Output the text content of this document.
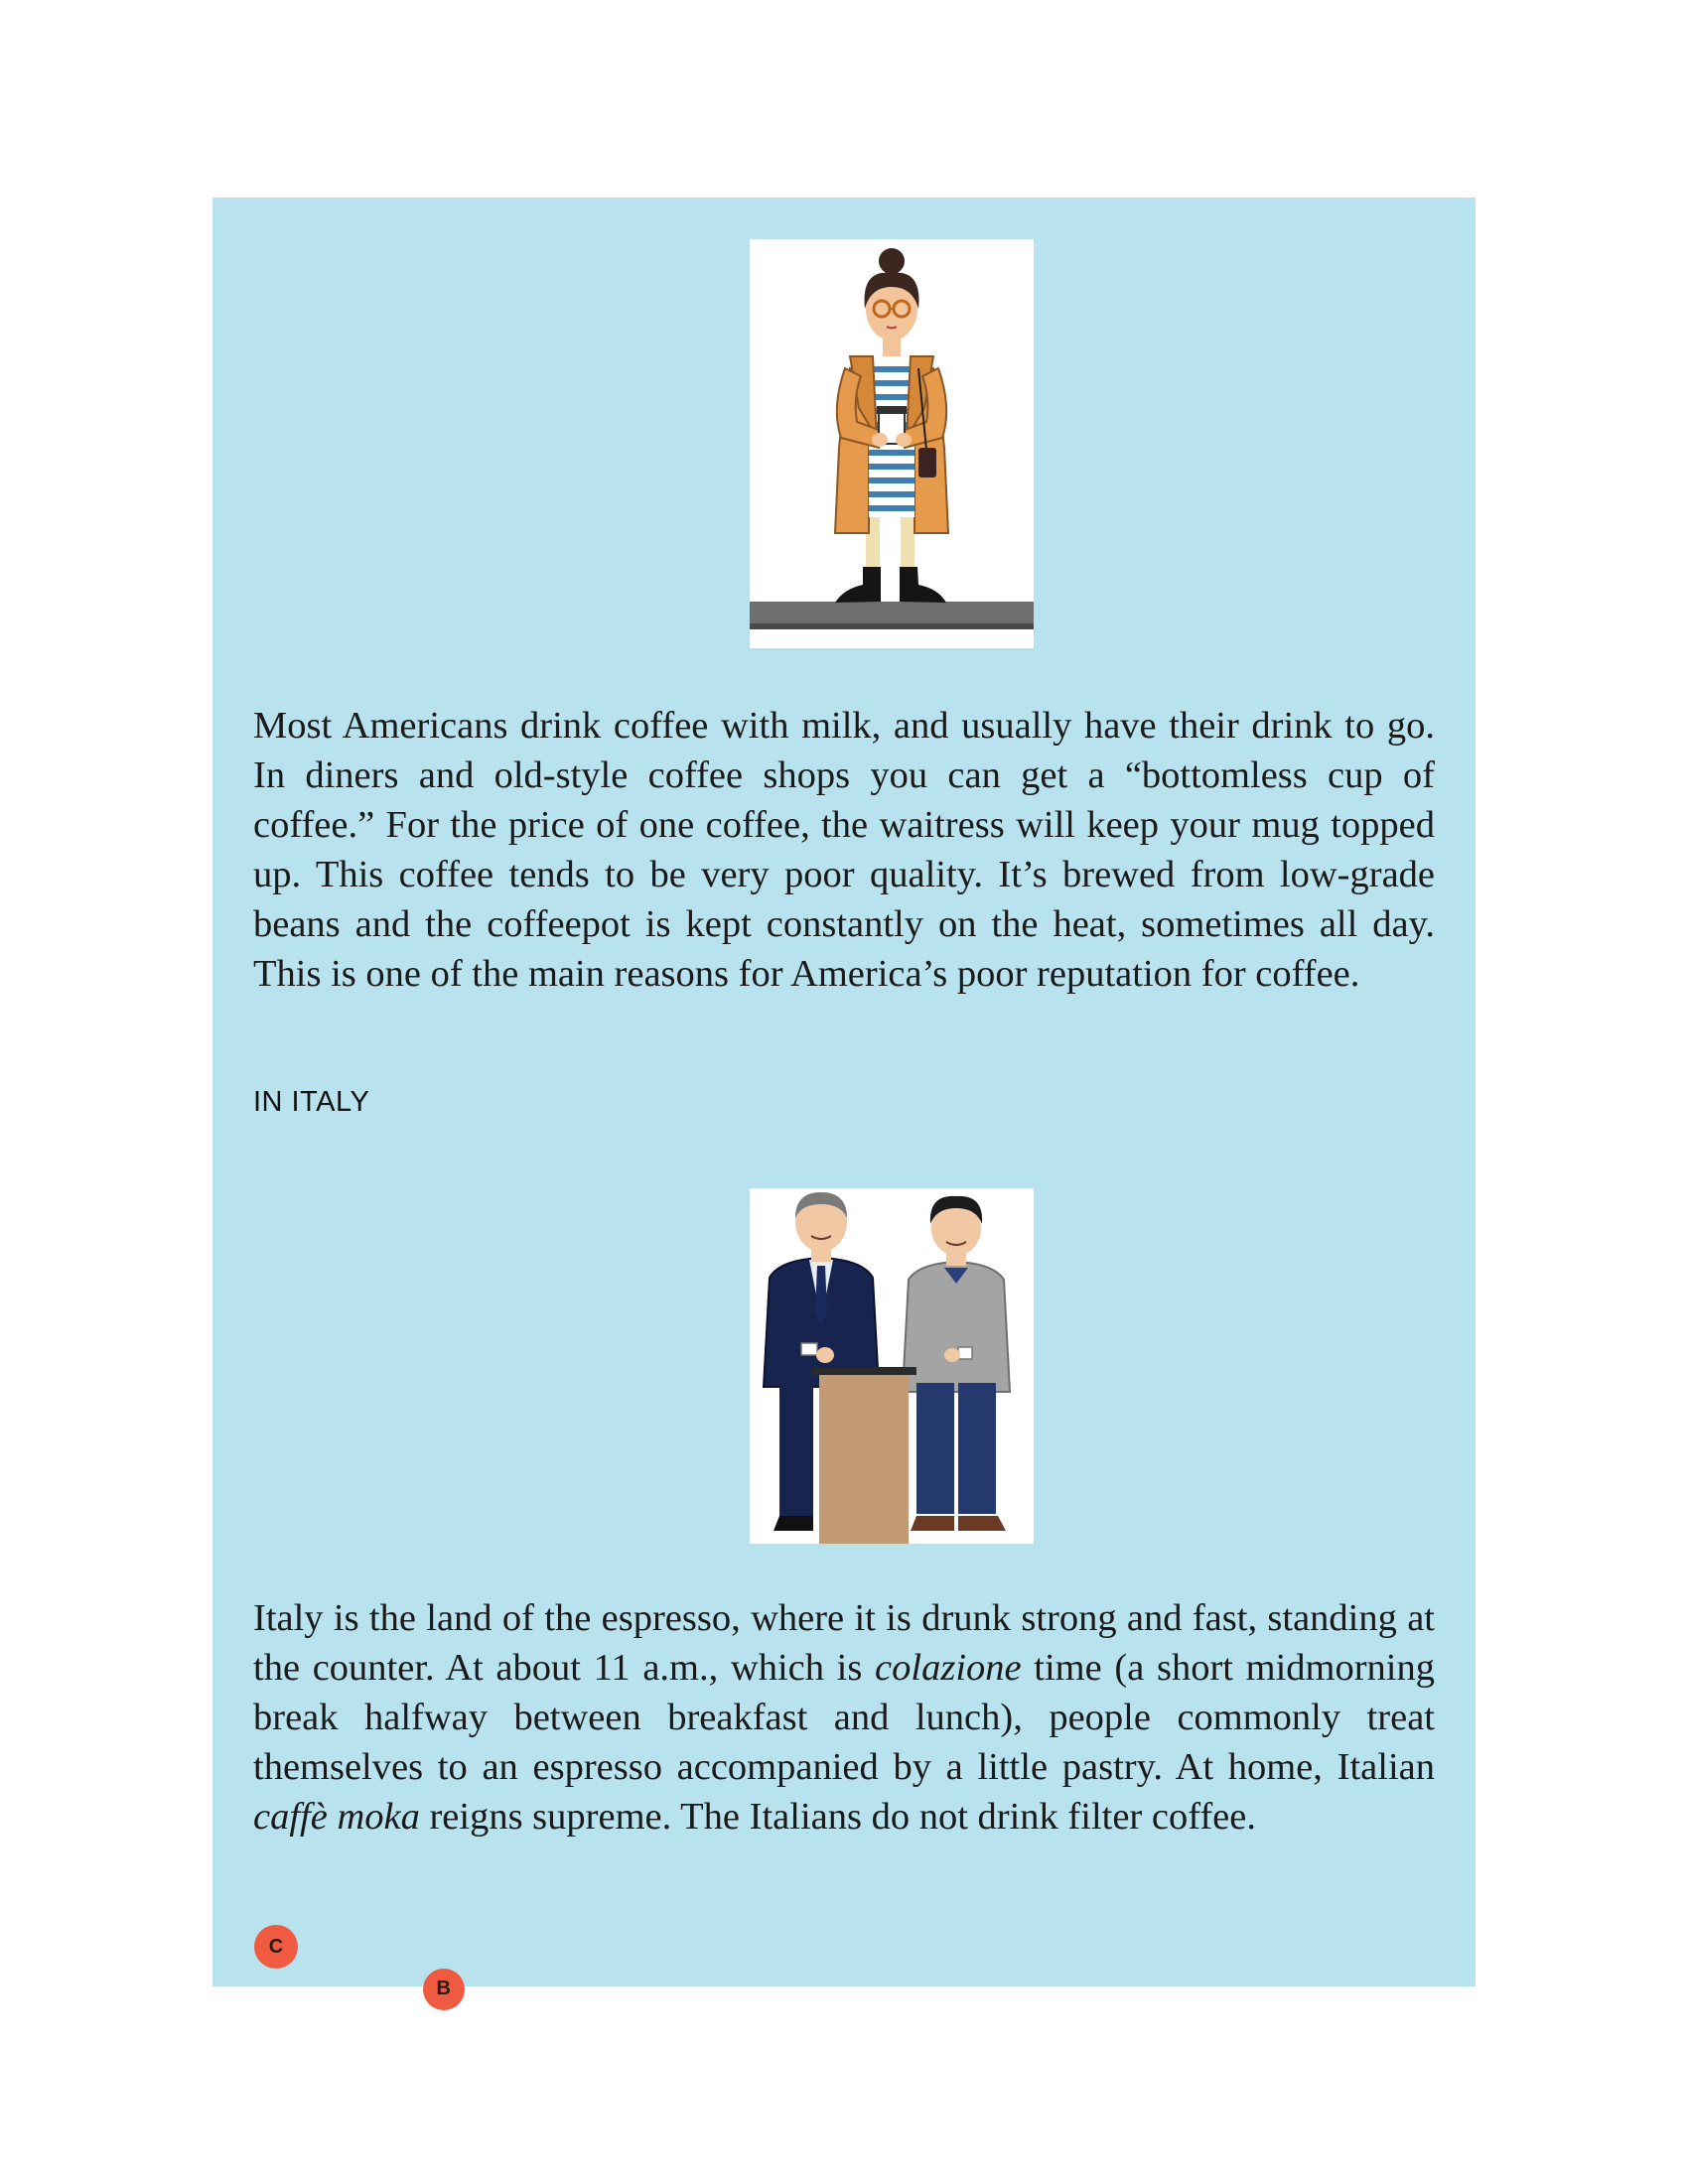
Most Americans drink coffee with milk, and usually have their drink to go. In diners and old-style coffee shops you can get a “bottomless cup of coffee.” For the price of one coffee, the waitress will keep your mug topped up. This coffee tends to be very poor quality. It’s brewed from low-grade beans and the coffeepot is kept constantly on the heat, sometimes all day. This is one of the main reasons for America’s poor reputation for coffee.

IN ITALY
B

Italy is the land of the espresso, where it is drunk strong and fast, standing at the counter. At about 11 a.m., which is colazione time (a short midmorning break halfway between breakfast and lunch), people commonly treat themselves to an espresso accompanied by a little pastry. At home, Italian caffè moka reigns supreme. The Italians do not drink filter coffee.

C
